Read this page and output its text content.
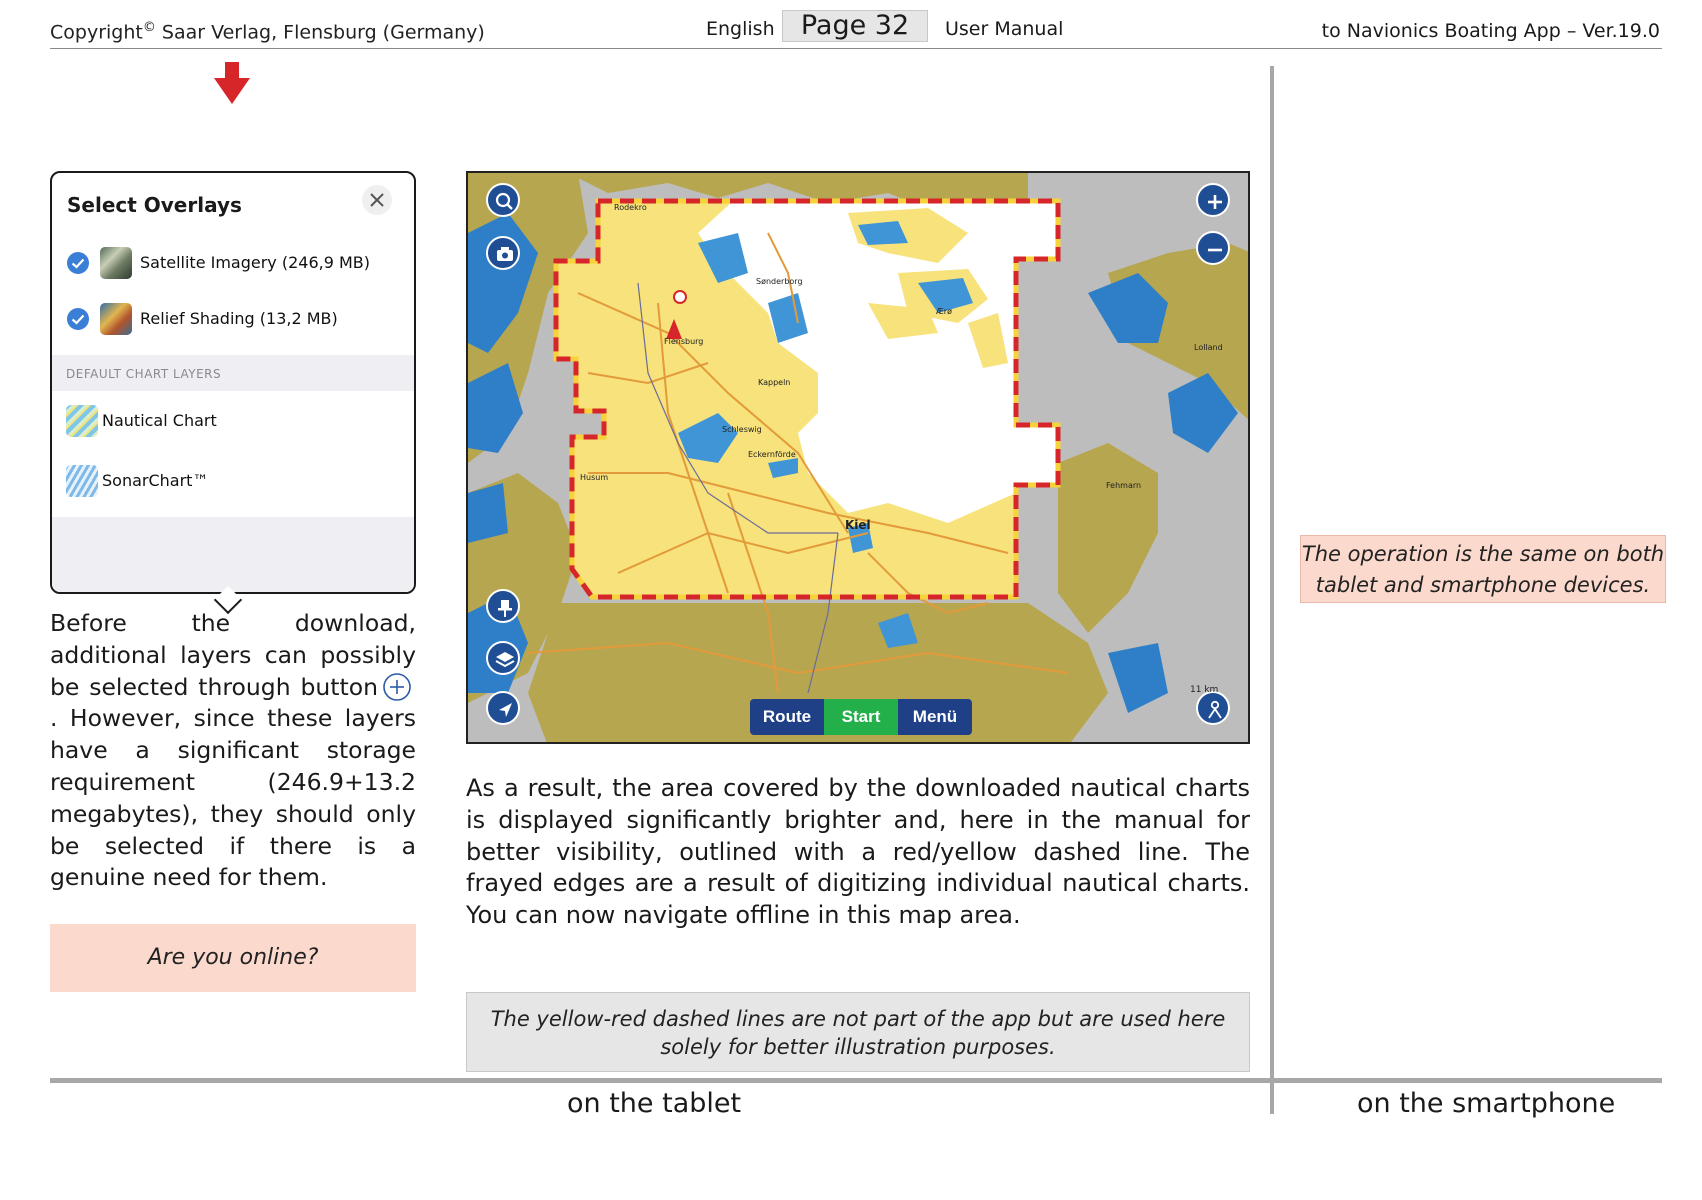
Copyright© Saar Verlag, Flensburg (Germany)	English Page 32	User Manual	to Navionics Boating App – Ver.19.0
Select Overlays
Satellite Imagery (246,9 MB)
Relief Shading (13,2 MB)
DEFAULT CHART LAYERS
Nautical Chart
SonarChart™
Before the download, additional layers can possibly be selected through button. However, since these layers have a significant storage requirement (246.9+13.2 megabytes), they should only be selected if there is a genuine need for them.
Are you online?
Kiel
Flensburg
Schleswig
Eckernförde
Kappeln
Sønderborg
Husum
Rodekro
Fehmarn
Lolland
Ærø
Route	Start	Menü
11 km
As a result, the area covered by the downloaded nautical charts is displayed significantly brighter and, here in the manual for better visibility, outlined with a red/yellow dashed line. The frayed edges are a result of digitizing individual nautical charts. You can now navigate offline in this map area.
The yellow-red dashed lines are not part of the app but are used here solely for better illustration purposes.
The operation is the same on both tablet and smartphone devices.
on the tablet	on the smartphone
